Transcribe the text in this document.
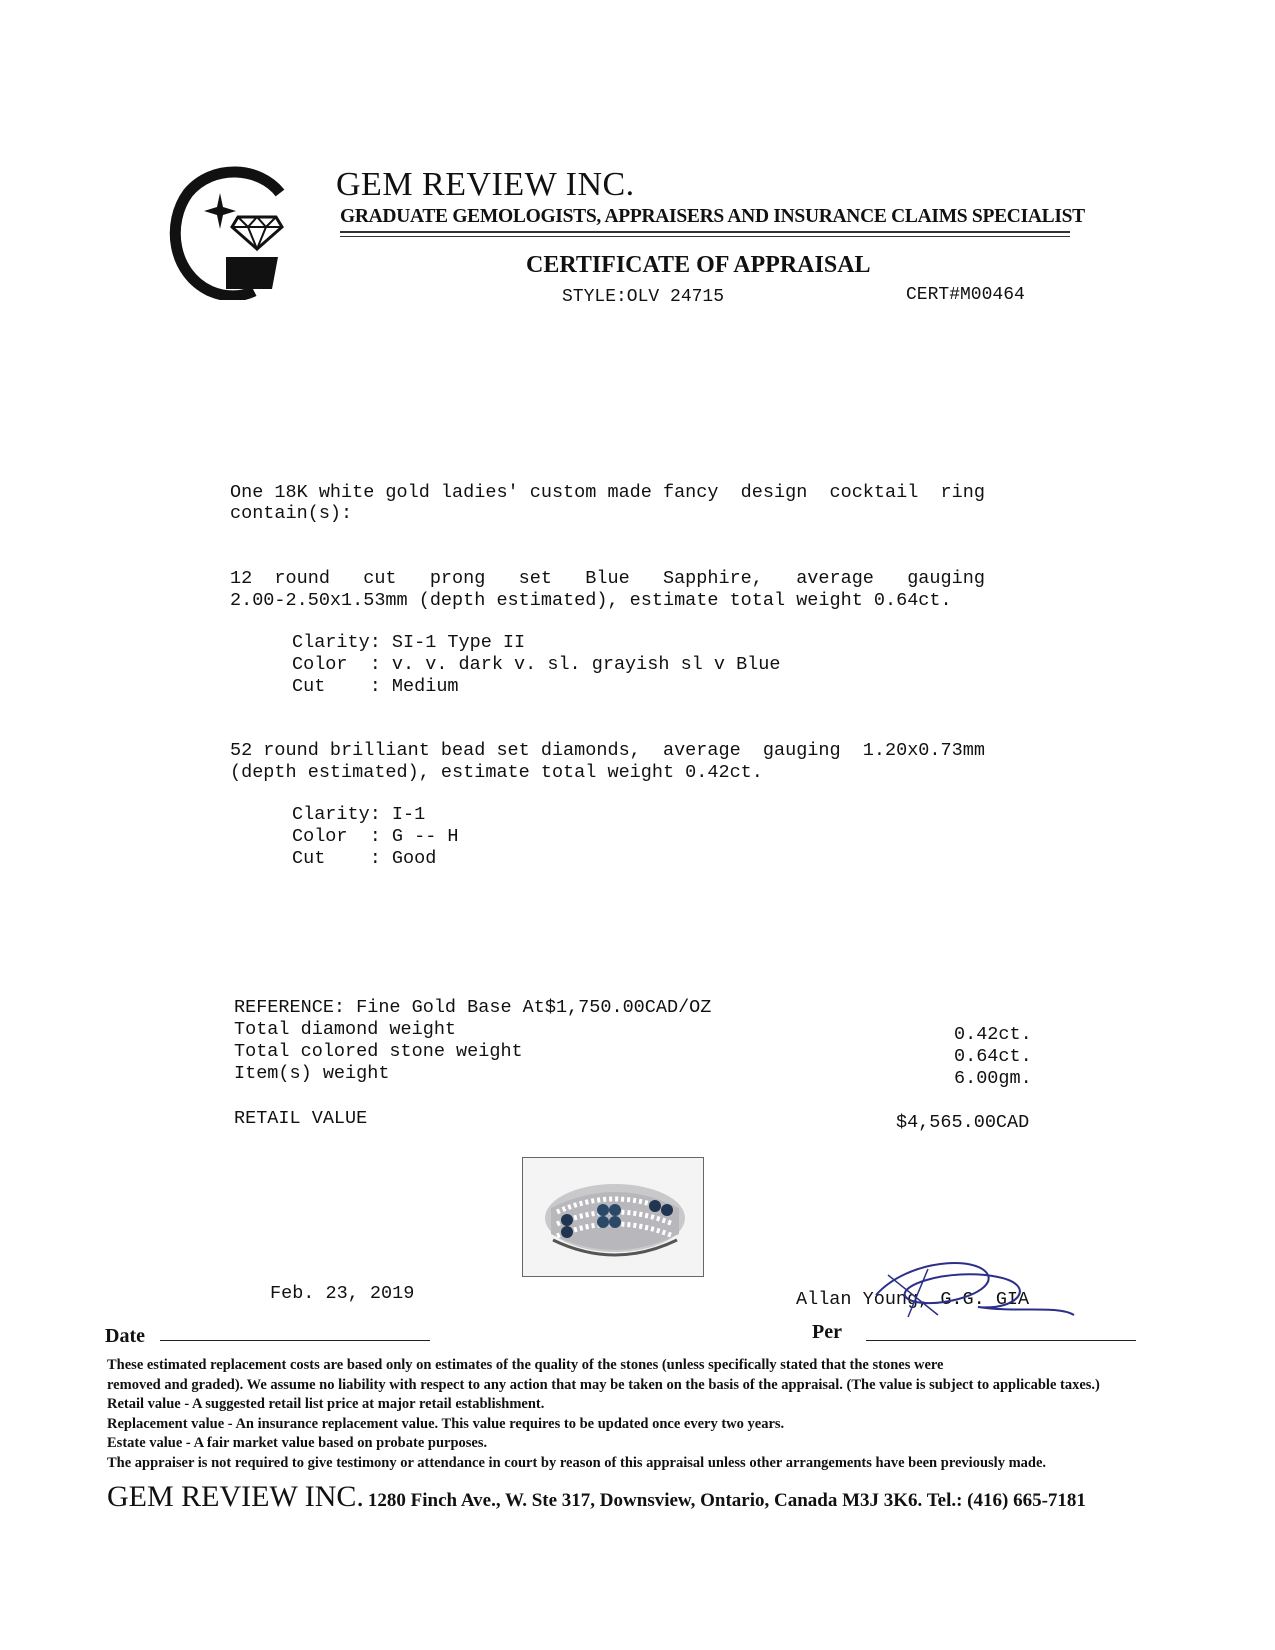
GEM REVIEW INC.
GRADUATE GEMOLOGISTS, APPRAISERS AND INSURANCE CLAIMS SPECIALIST
CERTIFICATE OF APPRAISAL
STYLE:OLV 24715	CERT#M00464
One 18K white gold ladies' custom made fancy  design  cocktail  ring
contain(s):
12  round   cut   prong   set   Blue   Sapphire,   average   gauging
2.00-2.50x1.53mm (depth estimated), estimate total weight 0.64ct.
Clarity: SI-1 Type II
Color  : v. v. dark v. sl. grayish sl v Blue
Cut    : Medium
52 round brilliant bead set diamonds,  average  gauging  1.20x0.73mm
(depth estimated), estimate total weight 0.42ct.
Clarity: I-1
Color  : G -- H
Cut    : Good
REFERENCE: Fine Gold Base At$1,750.00CAD/OZ
Total diamond weight
Total colored stone weight
Item(s) weight
0.42ct.
0.64ct.
6.00gm.
RETAIL VALUE	$4,565.00CAD
Feb. 23, 2019
Date
Allan Young, G.G. GIA
Per
These estimated replacement costs are based only on estimates of the quality of the stones (unless specifically stated that the stones were
removed and graded). We assume no liability with respect to any action that may be taken on the basis of the appraisal. (The value is subject to applicable taxes.)
Retail value - A suggested retail list price at major retail establishment.
Replacement value - An insurance replacement value. This value requires to be updated once every two years.
Estate value - A fair market value based on probate purposes.
The appraiser is not required to give testimony or attendance in court by reason of this appraisal unless other arrangements have been previously made.
GEM REVIEW INC. 1280 Finch Ave., W. Ste 317, Downsview, Ontario, Canada M3J 3K6. Tel.: (416) 665-7181
